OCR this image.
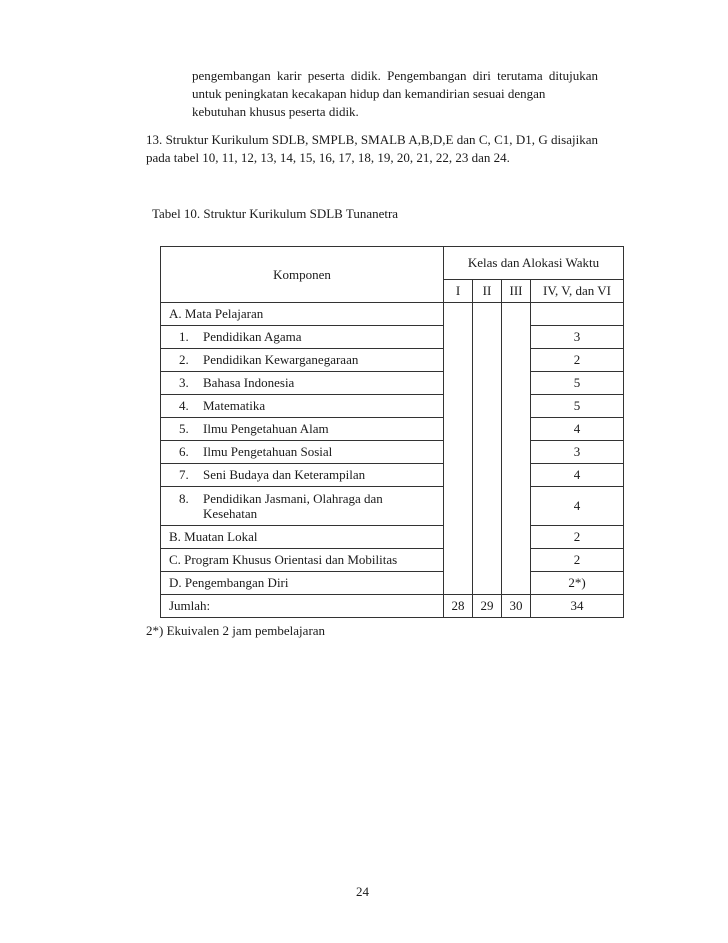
pengembangan karir peserta didik. Pengembangan diri terutama ditujukan untuk peningkatan kecakapan hidup dan kemandirian sesuai dengan
kebutuhan khusus peserta didik.
13. Struktur Kurikulum SDLB, SMPLB, SMALB A,B,D,E dan C, C1, D1, G disajikan pada tabel 10, 11, 12, 13, 14, 15, 16, 17, 18, 19, 20, 21, 22, 23 dan 24.
Tabel 10. Struktur Kurikulum SDLB Tunanetra
Komponen	Kelas dan Alokasi Waktu			
	I	II	III	IV, V, dan VI
A. Mata Pelajaran				
1. Pendidikan Agama				3
2. Pendidikan Kewarganegaraan				2
3. Bahasa Indonesia				5
4. Matematika				5
5. Ilmu Pengetahuan Alam				4
6. Ilmu Pengetahuan Sosial				3
7. Seni Budaya dan Keterampilan				4
8. Pendidikan Jasmani, Olahraga dan
Kesehatan				4
B. Muatan Lokal				2
C. Program Khusus Orientasi dan Mobilitas				2
D. Pengembangan Diri				2*)
Jumlah:	28	29	30	34
2*) Ekuivalen 2 jam pembelajaran
24
